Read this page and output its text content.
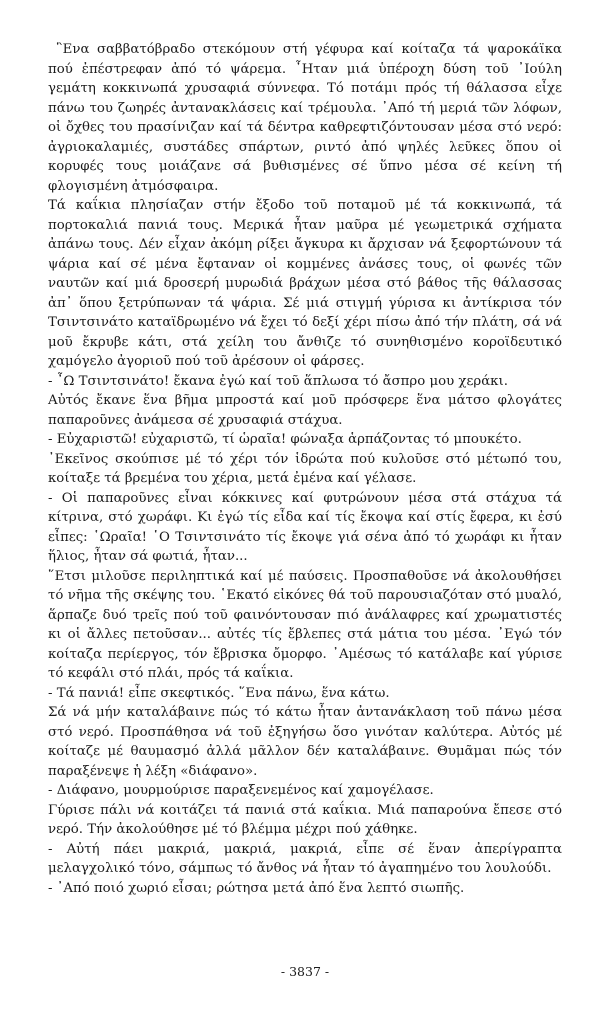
῝Ενα σαββατόβραδο στεκόμουν στή γέφυρα καί κοίταζα τά ψαροκάϊκα πού ἐπέστρεφαν ἀπό τό ψάρεμα. ῏Ηταν μιά ὑπέροχη δύση τοῦ ᾿Ιούλη γεμάτη κοκκινωπά χρυσαφιά σύννεφα. Τό ποτάμι πρός τή θάλασσα εἶχε πάνω του ζωηρές ἀντανακλάσεις καί τρέμουλα. ᾿Από τή μεριά τῶν λόφων, οἱ ὄχθες του πρασίνιζαν καί τά δέντρα καθρεφτιζόντουσαν μέσα στό νερό: ἀγριοκαλαμιές, συστάδες σπάρτων, ριντό ἀπό ψηλές λεῦκες ὅπου οἱ κορυφές τους μοιάζανε σά βυθισμένες σέ ὕπνο μέσα σέ κείνη τή φλογισμένη ἀτμόσφαιρα.

Τά καΐκια πλησίαζαν στήν ἔξοδο τοῦ ποταμοῦ μέ τά κοκκινωπά, τά πορτοκαλιά πανιά τους. Μερικά ἦταν μαῦρα μέ γεωμετρικά σχήματα ἀπάνω τους. Δέν εἶχαν ἀκόμη ρίξει ἄγκυρα κι ἄρχισαν νά ξεφορτώνουν τά ψάρια καί σέ μένα ἔφταναν οἱ κομμένες ἀνάσες τους, οἱ φωνές τῶν ναυτῶν καί μιά δροσερή μυρωδιά βράχων μέσα στό βάθος τῆς θάλασσας ἀπ᾿ ὅπου ξετρύπωναν τά ψάρια. Σέ μιά στιγμή γύρισα κι ἀντίκρισα τόν Τσιντσινάτο καταϊδρωμένο νά ἔχει τό δεξί χέρι πίσω ἀπό τήν πλάτη, σά νά μοῦ ἔκρυβε κάτι, στά χείλη του ἄνθιζε τό συνηθισμένο κοροϊδευτικό χαμόγελο ἀγοριοῦ πού τοῦ ἀρέσουν οἱ φάρσες.

- ῏Ω Τσιντσινάτο! ἔκανα ἐγώ καί τοῦ ἅπλωσα τό ἄσπρο μου χεράκι.

Αὐτός ἔκανε ἕνα βῆμα μπροστά καί μοῦ πρόσφερε ἕνα μάτσο φλογάτες παπαροῦνες ἀνάμεσα σέ χρυσαφιά στάχυα.

- Εὐχαριστῶ! εὐχαριστῶ, τί ὡραῖα! φώναξα ἁρπάζοντας τό μπουκέτο.

᾿Εκεῖνος σκούπισε μέ τό χέρι τόν ἱδρώτα πού κυλοῦσε στό μέτωπό του, κοίταξε τά βρεμένα του χέρια, μετά ἐμένα καί γέλασε.

- Οἱ παπαροῦνες εἶναι κόκκινες καί φυτρώνουν μέσα στά στάχυα τά κίτρινα, στό χωράφι. Κι ἐγώ τίς εἶδα καί τίς ἔκοψα καί στίς ἔφερα, κι ἐσύ εἶπες: ῾Ωραῖα! ῾Ο Τσιντσινάτο τίς ἔκοψε γιά σένα ἀπό τό χωράφι κι ἦταν ἥλιος, ἦταν σά φωτιά, ἦταν...

῞Ετσι μιλοῦσε περιληπτικά καί μέ παύσεις. Προσπαθοῦσε νά ἀκολουθήσει τό νῆμα τῆς σκέψης του. ῾Εκατό εἰκόνες θά τοῦ παρουσιαζόταν στό μυαλό, ἅρπαζε δυό τρεῖς πού τοῦ φαινόντουσαν πιό ἀνάλαφρες καί χρωματιστές κι οἱ ἄλλες πετοῦσαν... αὐτές τίς ἔβλεπες στά μάτια του μέσα. ᾿Εγώ τόν κοίταζα περίεργος, τόν ἔβρισκα ὄμορφο. ᾿Αμέσως τό κατάλαβε καί γύρισε τό κεφάλι στό πλάι, πρός τά καΐκια.

- Τά πανιά! εἶπε σκεφτικός. ῞Ενα πάνω, ἕνα κάτω.

Σά νά μήν καταλάβαινε πώς τό κάτω ἦταν ἀντανάκλαση τοῦ πάνω μέσα στό νερό. Προσπάθησα νά τοῦ ἐξηγήσω ὅσο γινόταν καλύτερα. Αὐτός μέ κοίταζε μέ θαυμασμό ἀλλά μᾶλλον δέν καταλάβαινε. Θυμᾶμαι πώς τόν παραξένεψε ἡ λέξη «διάφανο».

- Διάφανο, μουρμούρισε παραξενεμένος καί χαμογέλασε.

Γύρισε πάλι νά κοιτάζει τά πανιά στά καΐκια. Μιά παπαρούνα ἔπεσε στό νερό. Τήν ἀκολούθησε μέ τό βλέμμα μέχρι πού χάθηκε.

- Αὐτή πάει μακριά, μακριά, μακριά, εἶπε σέ ἕναν ἀπερίγραπτα μελαγχολικό τόνο, σάμπως τό ἄνθος νά ἦταν τό ἀγαπημένο του λουλούδι.

- ᾿Από ποιό χωριό εἶσαι; ρώτησα μετά ἀπό ἕνα λεπτό σιωπῆς.

- 3837 -
